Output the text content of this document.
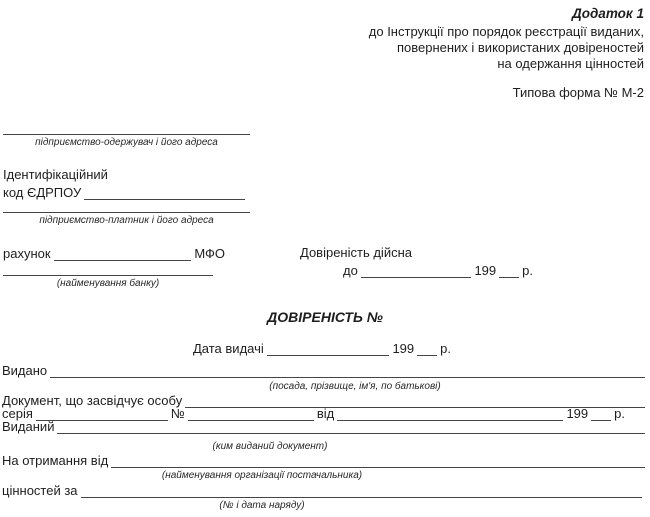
Додаток 1
до Інструкції про порядок реєстрації виданих,
повернених і використаних довіреностей
на одержання цінностей
Типова форма № М-2
підприємство-одержувач і його адреса
Ідентифікаційний
код ЄДРПОУ
підприємство-платник і його адреса
рахунок	МФО	Довіреність дійсна
до	199 р.
(найменування банку)
ДОВІРЕНІСТЬ №
Дата видачі	199 р.
Видано
(посада, прізвище, ім'я, по батькові)
Документ, що засвідчує особу
серія	№	від	199 р.
Виданий
(ким виданий документ)
На отримання від
(найменування організації постачальника)
цінностей за
(№ і дата наряду)
